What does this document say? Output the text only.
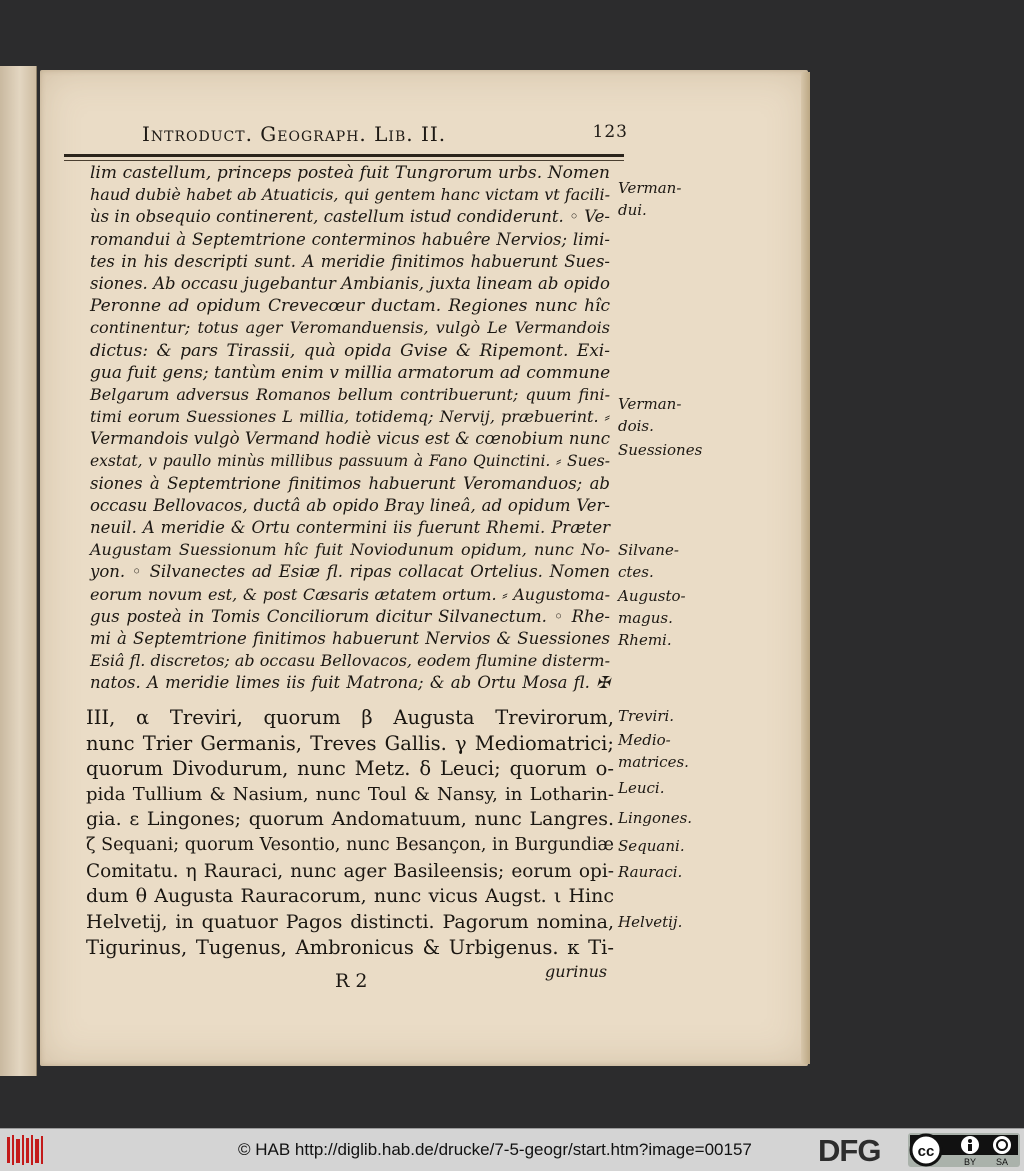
Introduct. Geograph. Lib. II.	123
lim castellum, princeps posteà fuit Tungrorum urbs. Nomen
haud dubiè habet ab Atuaticis, qui gentem hanc victam vt facili-
ùs in obsequio continerent, castellum istud condiderunt. ◦ Ve-
romandui à Septemtrione conterminos habuêre Nervios; limi-
tes in his descripti sunt. A meridie finitimos habuerunt Sues-
siones. Ab occasu jugebantur Ambianis, juxta lineam ab opido
Peronne ad opidum Crevecœur ductam. Regiones nunc hîc
continentur; totus ager Veromanduensis, vulgò Le Vermandois
dictus: & pars Tirassii, quà opida Gvise & Ripemont. Exi-
gua fuit gens; tantùm enim v millia armatorum ad commune
Belgarum adversus Romanos bellum contribuerunt; quum fini-
timi eorum Suessiones L millia, totidemq; Nervij, præbuerint. ⸗
Vermandois vulgò Vermand hodiè vicus est & cœnobium nunc
exstat, v paullo minùs millibus passuum à Fano Quinctini. ⸗ Sues-
siones à Septemtrione finitimos habuerunt Veromanduos; ab
occasu Bellovacos, ductâ ab opido Bray lineâ, ad opidum Ver-
neuil. A meridie & Ortu contermini iis fuerunt Rhemi. Præter
Augustam Suessionum hîc fuit Noviodunum opidum, nunc No-
yon. ◦ Silvanectes ad Esiæ fl. ripas collacat Ortelius. Nomen
eorum novum est, & post Cæsaris ætatem ortum. ⸗ Augustoma-
gus posteà in Tomis Conciliorum dicitur Silvanectum. ◦ Rhe-
mi à Septemtrione finitimos habuerunt Nervios & Suessiones
Esiâ fl. discretos; ab occasu Bellovacos, eodem flumine disterm-
natos. A meridie limes iis fuit Matrona; & ab Ortu Mosa fl. ✠
III, α Treviri, quorum β Augusta Trevirorum,
nunc Trier Germanis, Treves Gallis. γ Mediomatrici;
quorum Divodurum, nunc Metz. δ Leuci; quorum o-
pida Tullium & Nasium, nunc Toul & Nansy, in Lotharin-
gia. ε Lingones; quorum Andomatuum, nunc Langres.
ζ Sequani; quorum Vesontio, nunc Besançon, in Burgundiæ
Comitatu. η Rauraci, nunc ager Basileensis; eorum opi-
dum θ Augusta Rauracorum, nunc vicus Augst. ι Hinc
Helvetij, in quatuor Pagos distincti. Pagorum nomina,
Tigurinus, Tugenus, Ambronicus & Urbigenus. κ Ti-
Verman-
dui.
Verman-
dois.
Suessiones
Silvane-
ctes.
Augusto-
magus.
Rhemi.
Treviri.
Medio-
matrices.
Leuci.
Lingones.
Sequani.
Rauraci.
Helvetij.
R 2	gurinus
© HAB http://diglib.hab.de/drucke/7-5-geogr/start.htm?image=00157 DFG cc
BY SA
